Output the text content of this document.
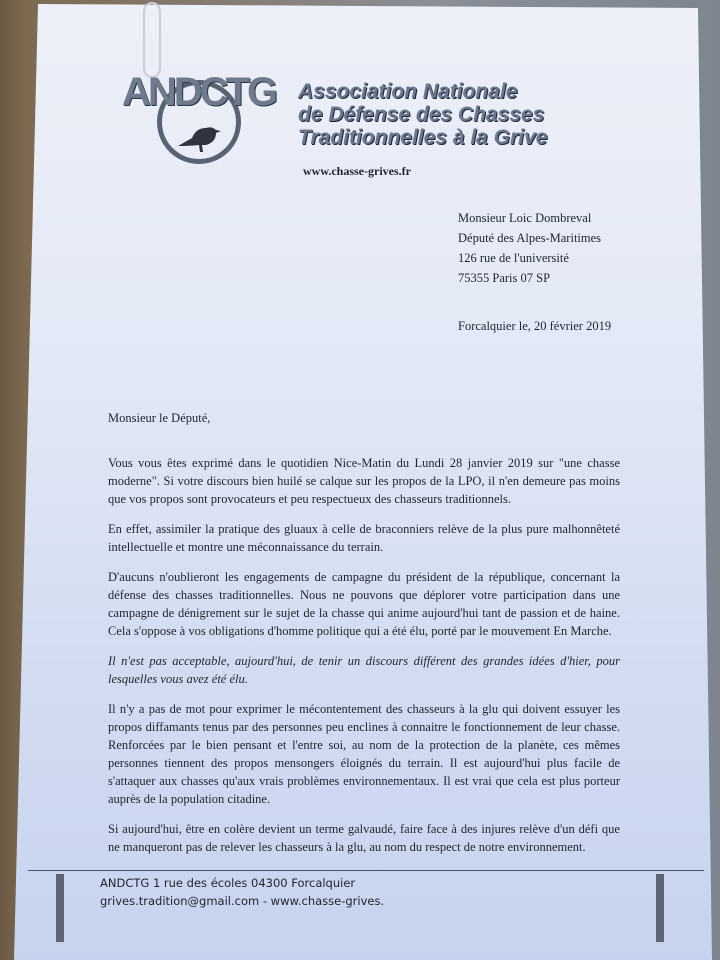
ANDCTG Association Nationale
de Défense des Chasses
Traditionnelles à la Grive
www.chasse-grives.fr
Monsieur Loic Dombreval
Député des Alpes-Maritimes
126 rue de l'université
75355 Paris 07 SP
Forcalquier le, 20 février 2019
Monsieur le Député,

Vous vous êtes exprimé dans le quotidien Nice-Matin du Lundi 28 janvier 2019 sur "une chasse moderne". Si votre discours bien huilé se calque sur les propos de la LPO, il n'en demeure pas moins que vos propos sont provocateurs et peu respectueux des chasseurs traditionnels.

En effet, assimiler la pratique des gluaux à celle de braconniers relève de la plus pure malhonnêteté intellectuelle et montre une méconnaissance du terrain.

D'aucuns n'oublieront les engagements de campagne du président de la république, concernant la défense des chasses traditionnelles. Nous ne pouvons que déplorer votre participation dans une campagne de dénigrement sur le sujet de la chasse qui anime aujourd'hui tant de passion et de haine. Cela s'oppose à vos obligations d'homme politique qui a été élu, porté par le mouvement En Marche.

Il n'est pas acceptable, aujourd'hui, de tenir un discours différent des grandes idées d'hier, pour lesquelles vous avez été élu.

Il n'y a pas de mot pour exprimer le mécontentement des chasseurs à la glu qui doivent essuyer les propos diffamants tenus par des personnes peu enclines à connaitre le fonctionnement de leur chasse. Renforcées par le bien pensant et l'entre soi, au nom de la protection de la planète, ces mêmes personnes tiennent des propos mensongers éloignés du terrain. Il est aujourd'hui plus facile de s'attaquer aux chasses qu'aux vrais problèmes environnementaux. Il est vrai que cela est plus porteur auprès de la population citadine.

Si aujourd'hui, être en colère devient un terme galvaudé, faire face à des injures relève d'un défi que ne manqueront pas de relever les chasseurs à la glu, au nom du respect de notre environnement.

ANDCTG 1 rue des écoles 04300 Forcalquier
grives.tradition@gmail.com - www.chasse-grives.
